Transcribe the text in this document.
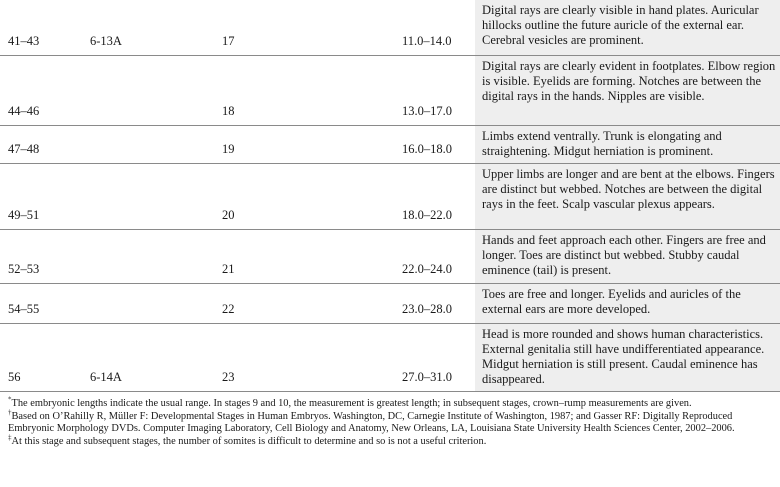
41–43	6-13A	17	11.0–14.0	Digital rays are clearly visible in hand plates. Auricular hillocks outline the future auricle of the external ear. Cerebral vesicles are prominent.
44–46		18	13.0–17.0	Digital rays are clearly evident in footplates. Elbow region is visible. Eyelids are forming. Notches are between the digital rays in the hands. Nipples are visible.
47–48		19	16.0–18.0	Limbs extend ventrally. Trunk is elongating and straightening. Midgut herniation is prominent.
49–51		20	18.0–22.0	Upper limbs are longer and are bent at the elbows. Fingers are distinct but webbed. Notches are between the digital rays in the feet. Scalp vascular plexus appears.
52–53		21	22.0–24.0	Hands and feet approach each other. Fingers are free and longer. Toes are distinct but webbed. Stubby caudal eminence (tail) is present.
54–55		22	23.0–28.0	Toes are free and longer. Eyelids and auricles of the external ears are more developed.
56	6-14A	23	27.0–31.0	Head is more rounded and shows human characteristics. External genitalia still have undifferentiated appearance. Midgut herniation is still present. Caudal eminence has disappeared.

*The embryonic lengths indicate the usual range. In stages 9 and 10, the measurement is greatest length; in subsequent stages, crown–rump measurements are given.

†Based on O’Rahilly R, Müller F: Developmental Stages in Human Embryos. Washington, DC, Carnegie Institute of Washington, 1987; and Gasser RF: Digitally Reproduced Embryonic Morphology DVDs. Computer Imaging Laboratory, Cell Biology and Anatomy, New Orleans, LA, Louisiana State University Health Sciences Center, 2002–2006.

‡At this stage and subsequent stages, the number of somites is difficult to determine and so is not a useful criterion.
